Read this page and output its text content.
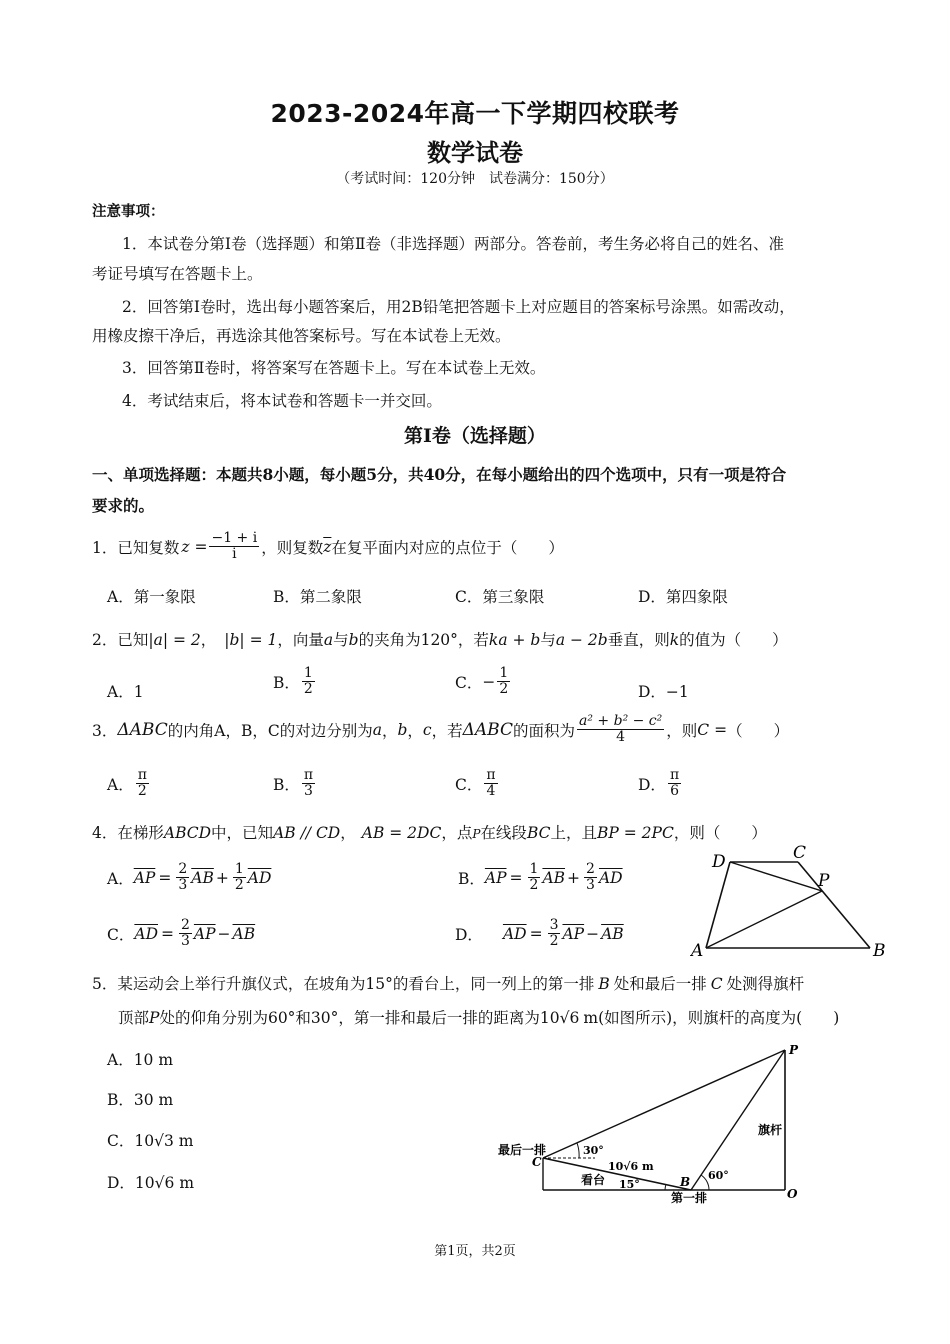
2023-2024年高一下学期四校联考
数学试卷
（考试时间：120分钟　试卷满分：150分）
注意事项：
1．本试卷分第Ⅰ卷（选择题）和第Ⅱ卷（非选择题）两部分。答卷前，考生务必将自己的姓名、准
考证号填写在答题卡上。
2．回答第Ⅰ卷时，选出每小题答案后，用2B铅笔把答题卡上对应题目的答案标号涂黑。如需改动，
用橡皮擦干净后，再选涂其他答案标号。写在本试卷上无效。
3．回答第Ⅱ卷时，将答案写在答题卡上。写在本试卷上无效。
4．考试结束后，将本试卷和答题卡一并交回。
第Ⅰ卷（选择题）
一、单项选择题：本题共8小题，每小题5分，共40分，在每小题给出的四个选项中，只有一项是符合
要求的。
1．已知复数 $z = \frac{-1 + i}{i}$ ，则复数 $\overline{z}$ 在复平面内对应的点位于（　　）
A．第一象限	B．第二象限	C．第三象限	D．第四象限
2．已知|a| = 2， |b| = 1，向量a与b的夹角为120°，若ka + b与a − 2b垂直，则k的值为（　　）
A．1
B． $\frac{1}{2}$	C． − $\frac{1}{2}$	D．−1
3． ΔABC 的内角A，B，C的对边分别为 a ， b ， c ，若 ΔABC 的面积为 $\frac{\text{a² + b² − c²}}{4}$ ，则 C = （　　）
A． $\frac{\pi}{2}$	B． $\frac{\pi}{3}$	C． $\frac{\pi}{4}$	D． $\frac{\pi}{6}$
4．在梯形ABCD中，已知AB // CD， AB = 2DC，点P在线段BC上，且BP = 2PC，则（　　）
A． $\overline{AP} = \frac{2}{3} \overline{AB} + \frac{1}{2} \overline{AD}$	B． $\overline{AP} = \frac{1}{2} \overline{AB} + \frac{2}{3} \overline{AD}$
C． $\overline{AD} = \frac{2}{3} \overline{AP} - \overline{AB}$	D． $\overline{AD} = \frac{3}{2} \overline{AP} - \overline{AB}$
A	B
C
D
P
5．某运动会上举行升旗仪式，在坡角为15°的看台上，同一列上的第一排 B 处和最后一排 C 处测得旗杆
顶部P处的仰角分别为60°和30°，第一排和最后一排的距离为10√6 m(如图所示)，则旗杆的高度为(　　)
A．10 m
B．30 m
C．10√3 m
D．10√6 m
P
O
B
C
最后一排
第一排
看台
旗杆
30°
60°
15°
10√6 m
第1页，共2页
